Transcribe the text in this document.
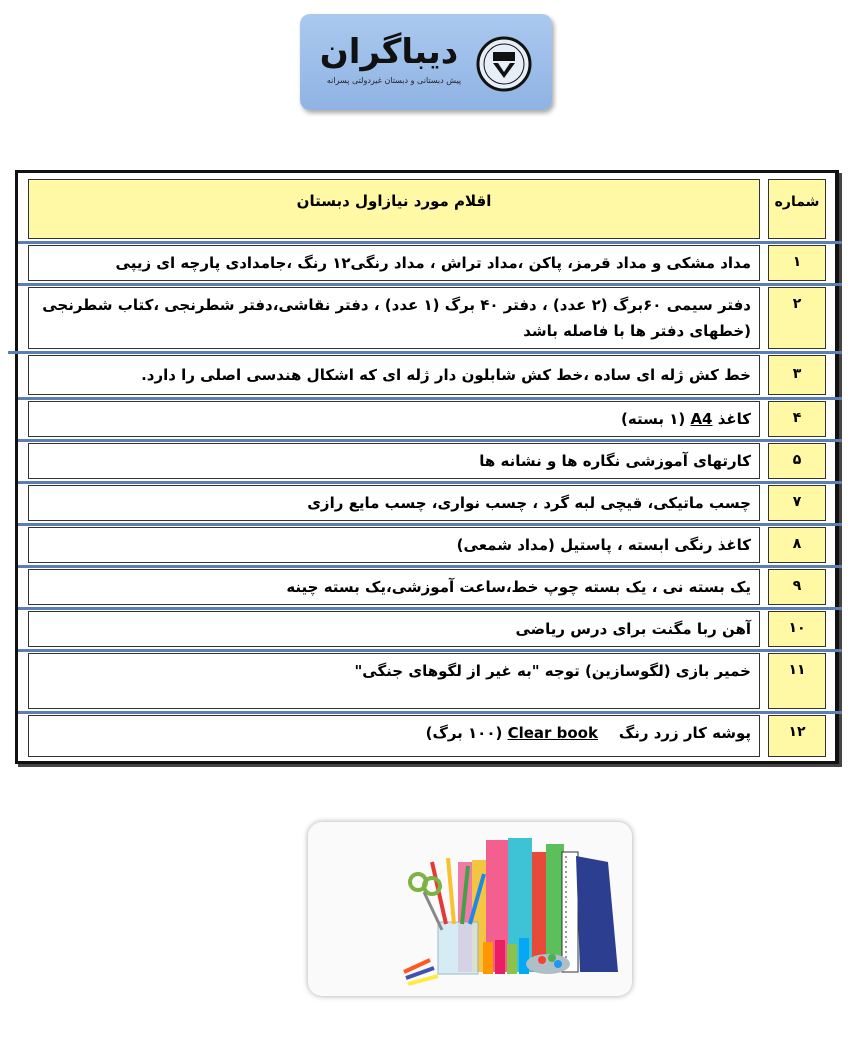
دیباگران
پیش دبستانی و دبستان غیردولتی پسرانه
شماره
اقلام مورد نیازاول دبستان
۱
مداد مشکی و مداد قرمز، پاکن ،مداد تراش ، مداد رنگی۱۲ رنگ ،جامدادی پارچه ای زیپی
۲
دفتر سیمی ۶۰برگ (۲ عدد) ، دفتر ۴۰ برگ (۱ عدد) ، دفتر نقاشی،دفتر شطرنجی ،کتاب شطرنجی (خطهای دفتر ها با فاصله باشد
۳
خط کش ژله ای ساده ،خط کش شابلون دار ژله ای که اشکال هندسی اصلی را دارد.
۴
کاغذ A4 (۱ بسته)
۵
کارتهای آموزشی نگاره ها و نشانه ها
۷
چسب ماتیکی، قیچی لبه گرد ، چسب نواری، چسب مایع رازی
۸
کاغذ رنگی ابسته ، پاستیل (مداد شمعی)
۹
یک بسته نی ، یک بسته چوپ خط،ساعت آموزشی،یک بسته چینه
۱۰
آهن ربا مگنت برای درس ریاضی
۱۱
خمیر بازی (لگوسازین) توجه "به غیر از لگوهای جنگی"
۱۲
پوشه کار زرد رنگ    Clear book (۱۰۰ برگ)
